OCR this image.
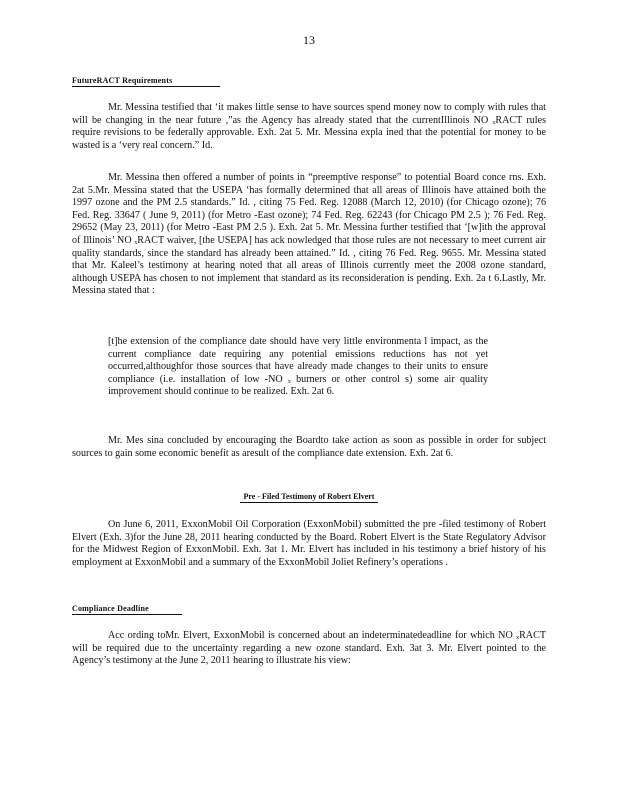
13
FutureRACT Requirements
Mr. Messina testified that ‘it makes little sense to have sources spend money now to comply with rules that will be changing in the near future ,”as the Agency has already stated that the currentIllinois NO ₓRACT rules require revisions to be federally approvable. Exh. 2at 5. Mr. Messina expla ined that the potential for money to be wasted is a ‘very real concern.” Id.
Mr. Messina then offered a number of points in “preemptive response” to potential Board conce rns. Exh. 2at 5.Mr. Messina stated that the USEPA ‘has formally determined that all areas of Illinois have attained both the 1997 ozone and the PM 2.5 standards.” Id. , citing 75 Fed. Reg. 12088 (March 12, 2010) (for Chicago ozone); 76 Fed. Reg. 33647 ( June 9, 2011) (for Metro -East ozone); 74 Fed. Reg. 62243 (for Chicago PM 2.5 ); 76 Fed. Reg. 29652 (May 23, 2011) (for Metro -East PM 2.5 ). Exh. 2at 5. Mr. Messina further testified that ‘[w]ith the approval of Illinois’ NO ₓRACT waiver, [the USEPA] has ack nowledged that those rules are not necessary to meet current air quality standards, since the standard has already been attained.” Id. , citing 76 Fed. Reg. 9655. Mr. Messina stated that Mr. Kaleel’s testimony at hearing noted that all areas of Illinois currently meet the 2008 ozone standard, although USEPA has chosen to not implement that standard as its reconsideration is pending. Exh. 2a t 6.Lastly, Mr. Messina stated that :
[t]he extension of the compliance date should have very little environmenta l impact, as the current compliance date requiring any potential emissions reductions has not yet occurred,althoughfor those sources that have already made changes to their units to ensure compliance (i.e. installation of low -NO ₓ burners or other control s) some air quality improvement should continue to be realized. Exh. 2at 6.
Mr. Mes sina concluded by encouraging the Boardto take action as soon as possible in order for subject sources to gain some economic benefit as aresult of the compliance date extension. Exh. 2at 6.
Pre - Filed Testimony of Robert Elvert
On June 6, 2011, ExxonMobil Oil Corporation (ExxonMobil) submitted the pre -filed testimony of Robert Elvert (Exh. 3)for the June 28, 2011 hearing conducted by the Board. Robert Elvert is the State Regulatory Advisor for the Midwest Region of ExxonMobil. Exh. 3at 1. Mr. Elvert has included in his testimony a brief history of his employment at ExxonMobil and a summary of the ExxonMobil Joliet Refinery’s operations .
Compliance Deadline
Acc ording toMr. Elvert, ExxonMobil is concerned about an indeterminatedeadline for which NO ₓRACT will be required due to the uncertainty regarding a new ozone standard. Exh. 3at 3. Mr. Elvert pointed to the Agency’s testimony at the June 2, 2011 hearing to illustrate his view:
